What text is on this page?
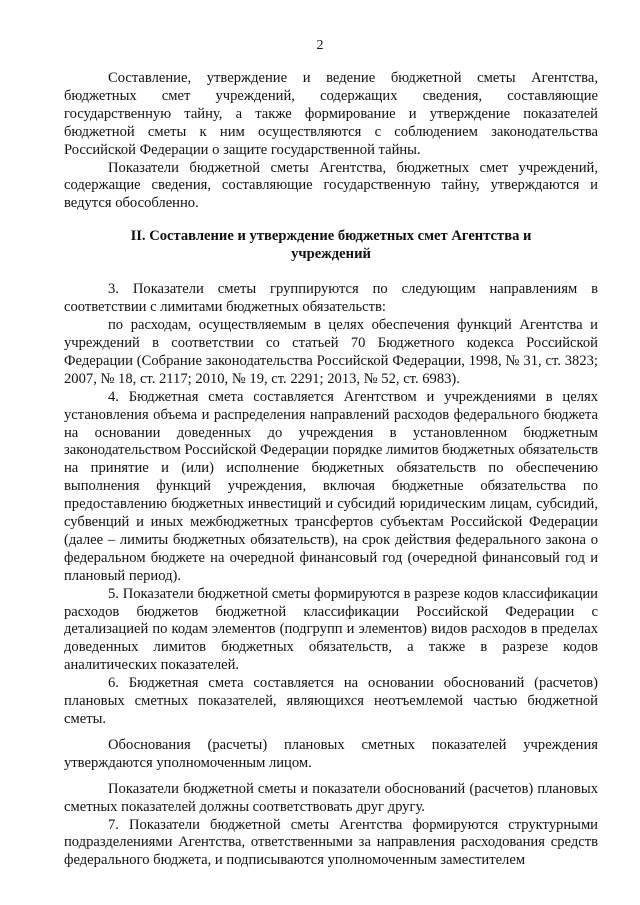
2

Составление, утверждение и ведение бюджетной сметы Агентства, бюджетных смет учреждений, содержащих сведения, составляющие государственную тайну, а также формирование и утверждение показателей бюджетной сметы к ним осуществляются с соблюдением законодательства Российской Федерации о защите государственной тайны.

Показатели бюджетной сметы Агентства, бюджетных смет учреждений, содержащие сведения, составляющие государственную тайну, утверждаются и ведутся обособленно.

II. Составление и утверждение бюджетных смет Агентства и учреждений

3. Показатели сметы группируются по следующим направлениям в соответствии с лимитами бюджетных обязательств:

по расходам, осуществляемым в целях обеспечения функций Агентства и учреждений в соответствии со статьей 70 Бюджетного кодекса Российской Федерации (Собрание законодательства Российской Федерации, 1998, № 31, ст. 3823; 2007, № 18, ст. 2117; 2010, № 19, ст. 2291; 2013, № 52, ст. 6983).

4. Бюджетная смета составляется Агентством и учреждениями в целях установления объема и распределения направлений расходов федерального бюджета на основании доведенных до учреждения в установленном бюджетным законодательством Российской Федерации порядке лимитов бюджетных обязательств на принятие и (или) исполнение бюджетных обязательств по обеспечению выполнения функций учреждения, включая бюджетные обязательства по предоставлению бюджетных инвестиций и субсидий юридическим лицам, субсидий, субвенций и иных межбюджетных трансфертов субъектам Российской Федерации (далее – лимиты бюджетных обязательств), на срок действия федерального закона о федеральном бюджете на очередной финансовый год (очередной финансовый год и плановый период).

5. Показатели бюджетной сметы формируются в разрезе кодов классификации расходов бюджетов бюджетной классификации Российской Федерации с детализацией по кодам элементов (подгрупп и элементов) видов расходов в пределах доведенных лимитов бюджетных обязательств, а также в разрезе кодов аналитических показателей.

6. Бюджетная смета составляется на основании обоснований (расчетов) плановых сметных показателей, являющихся неотъемлемой частью бюджетной сметы.

Обоснования (расчеты) плановых сметных показателей учреждения утверждаются уполномоченным лицом.

Показатели бюджетной сметы и показатели обоснований (расчетов) плановых сметных показателей должны соответствовать друг другу.

7. Показатели бюджетной сметы Агентства формируются структурными подразделениями Агентства, ответственными за направления расходования средств федерального бюджета, и подписываются уполномоченным заместителем
